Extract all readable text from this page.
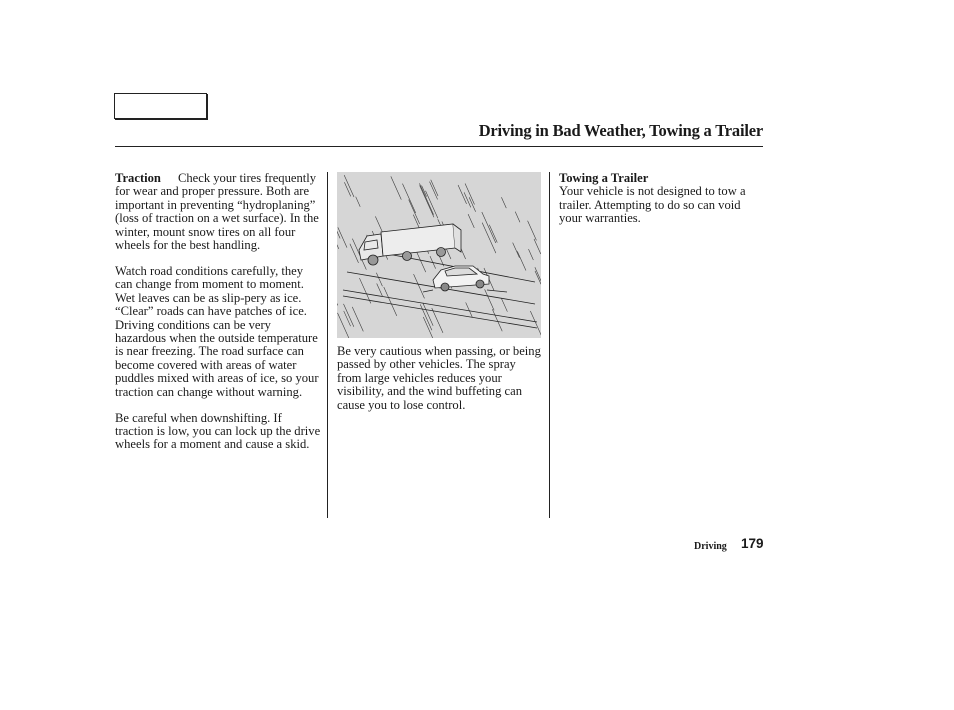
Driving in Bad Weather, Towing a Trailer

Traction Check your tires frequently for wear and proper pressure. Both are important in preventing “hydroplaning” (loss of traction on a wet surface). In the winter, mount snow tires on all four wheels for the best handling.

Watch road conditions carefully, they can change from moment to moment. Wet leaves can be as slip-pery as ice. “Clear” roads can have patches of ice. Driving conditions can be very hazardous when the outside temperature is near freezing. The road surface can become covered with areas of water puddles mixed with areas of ice, so your traction can change without warning.

Be careful when downshifting. If traction is low, you can lock up the drive wheels for a moment and cause a skid.

Be very cautious when passing, or being passed by other vehicles. The spray from large vehicles reduces your visibility, and the wind buffeting can cause you to lose control.

Towing a Trailer

Your vehicle is not designed to tow a trailer. Attempting to do so can void your warranties.

Driving 179
